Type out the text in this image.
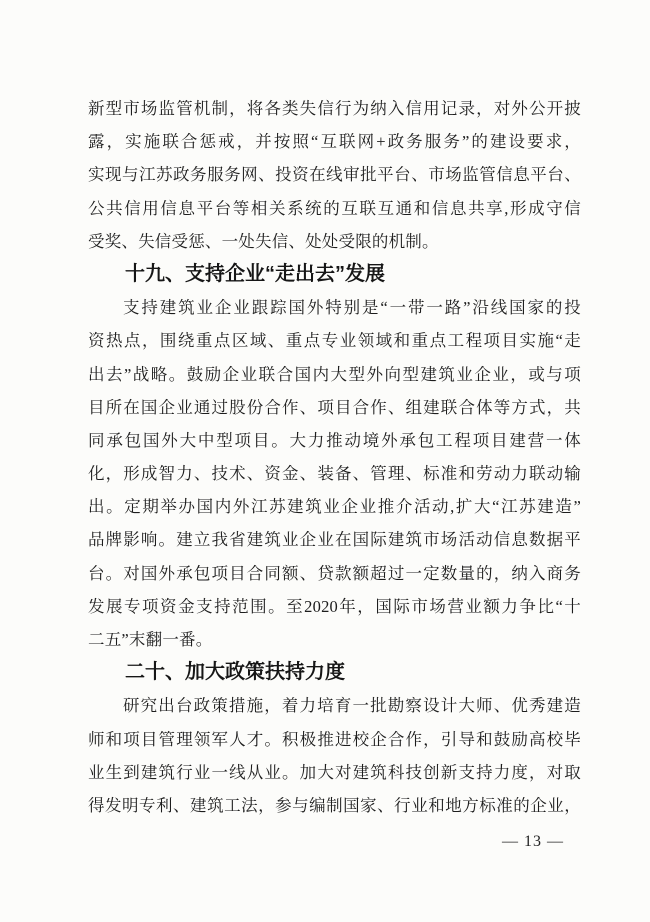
新型市场监管机制，将各类失信行为纳入信用记录，对外公开披

露，实施联合惩戒，并按照“互联网+政务服务”的建设要求，

实现与江苏政务服务网、投资在线审批平台、市场监管信息平台、

公共信用信息平台等相关系统的互联互通和信息共享,形成守信

受奖、失信受惩、一处失信、处处受限的机制。

十九、支持企业“走出去”发展

支持建筑业企业跟踪国外特别是“一带一路”沿线国家的投

资热点，围绕重点区域、重点专业领域和重点工程项目实施“走

出去”战略。鼓励企业联合国内大型外向型建筑业企业，或与项

目所在国企业通过股份合作、项目合作、组建联合体等方式，共

同承包国外大中型项目。大力推动境外承包工程项目建营一体

化，形成智力、技术、资金、装备、管理、标准和劳动力联动输

出。定期举办国内外江苏建筑业企业推介活动,扩大“江苏建造”

品牌影响。建立我省建筑业企业在国际建筑市场活动信息数据平

台。对国外承包项目合同额、贷款额超过一定数量的，纳入商务

发展专项资金支持范围。至2020年，国际市场营业额力争比“十

二五”末翻一番。

二十、加大政策扶持力度

研究出台政策措施，着力培育一批勘察设计大师、优秀建造

师和项目管理领军人才。积极推进校企合作，引导和鼓励高校毕

业生到建筑行业一线从业。加大对建筑科技创新支持力度，对取

得发明专利、建筑工法，参与编制国家、行业和地方标准的企业，

— 13 —
